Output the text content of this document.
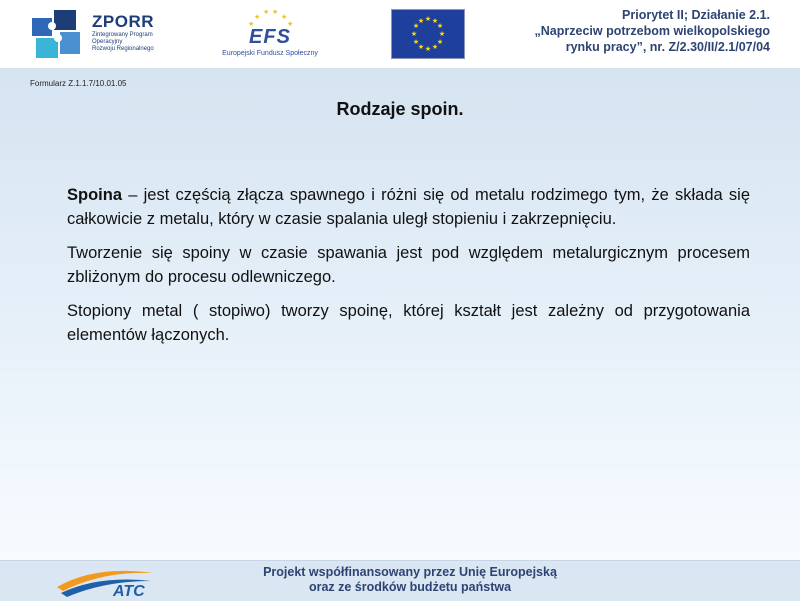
ZPORR
Zintegrowany Program
Operacyjny
Rozwoju Regionalnego
★
★
★ ★
★
★
EFS
Europejski Fundusz Społeczny
★ ★
★
★
★
★
★
★
★
★
★
★	Priorytet II; Działanie 2.1.
„Naprzeciw potrzebom wielkopolskiego
rynku pracy”, nr. Z/2.30/II/2.1/07/04
Formularz Z.1.1.7/10.01.05
Rodzaje spoin.

Spoina – jest częścią złącza spawnego i różni się od metalu rodzimego tym, że składa się całkowicie z metalu, który w czasie spalania uległ stopieniu i zakrzepnięciu.

Tworzenie się spoiny w czasie spawania jest pod względem metalurgicznym procesem zbliżonym do procesu odlewniczego.

Stopiony metal ( stopiwo) tworzy spoinę, której kształt jest zależny od przygotowania elementów łączonych.

ATC
Projekt współfinansowany przez Unię Europejską
oraz ze środków budżetu państwa
